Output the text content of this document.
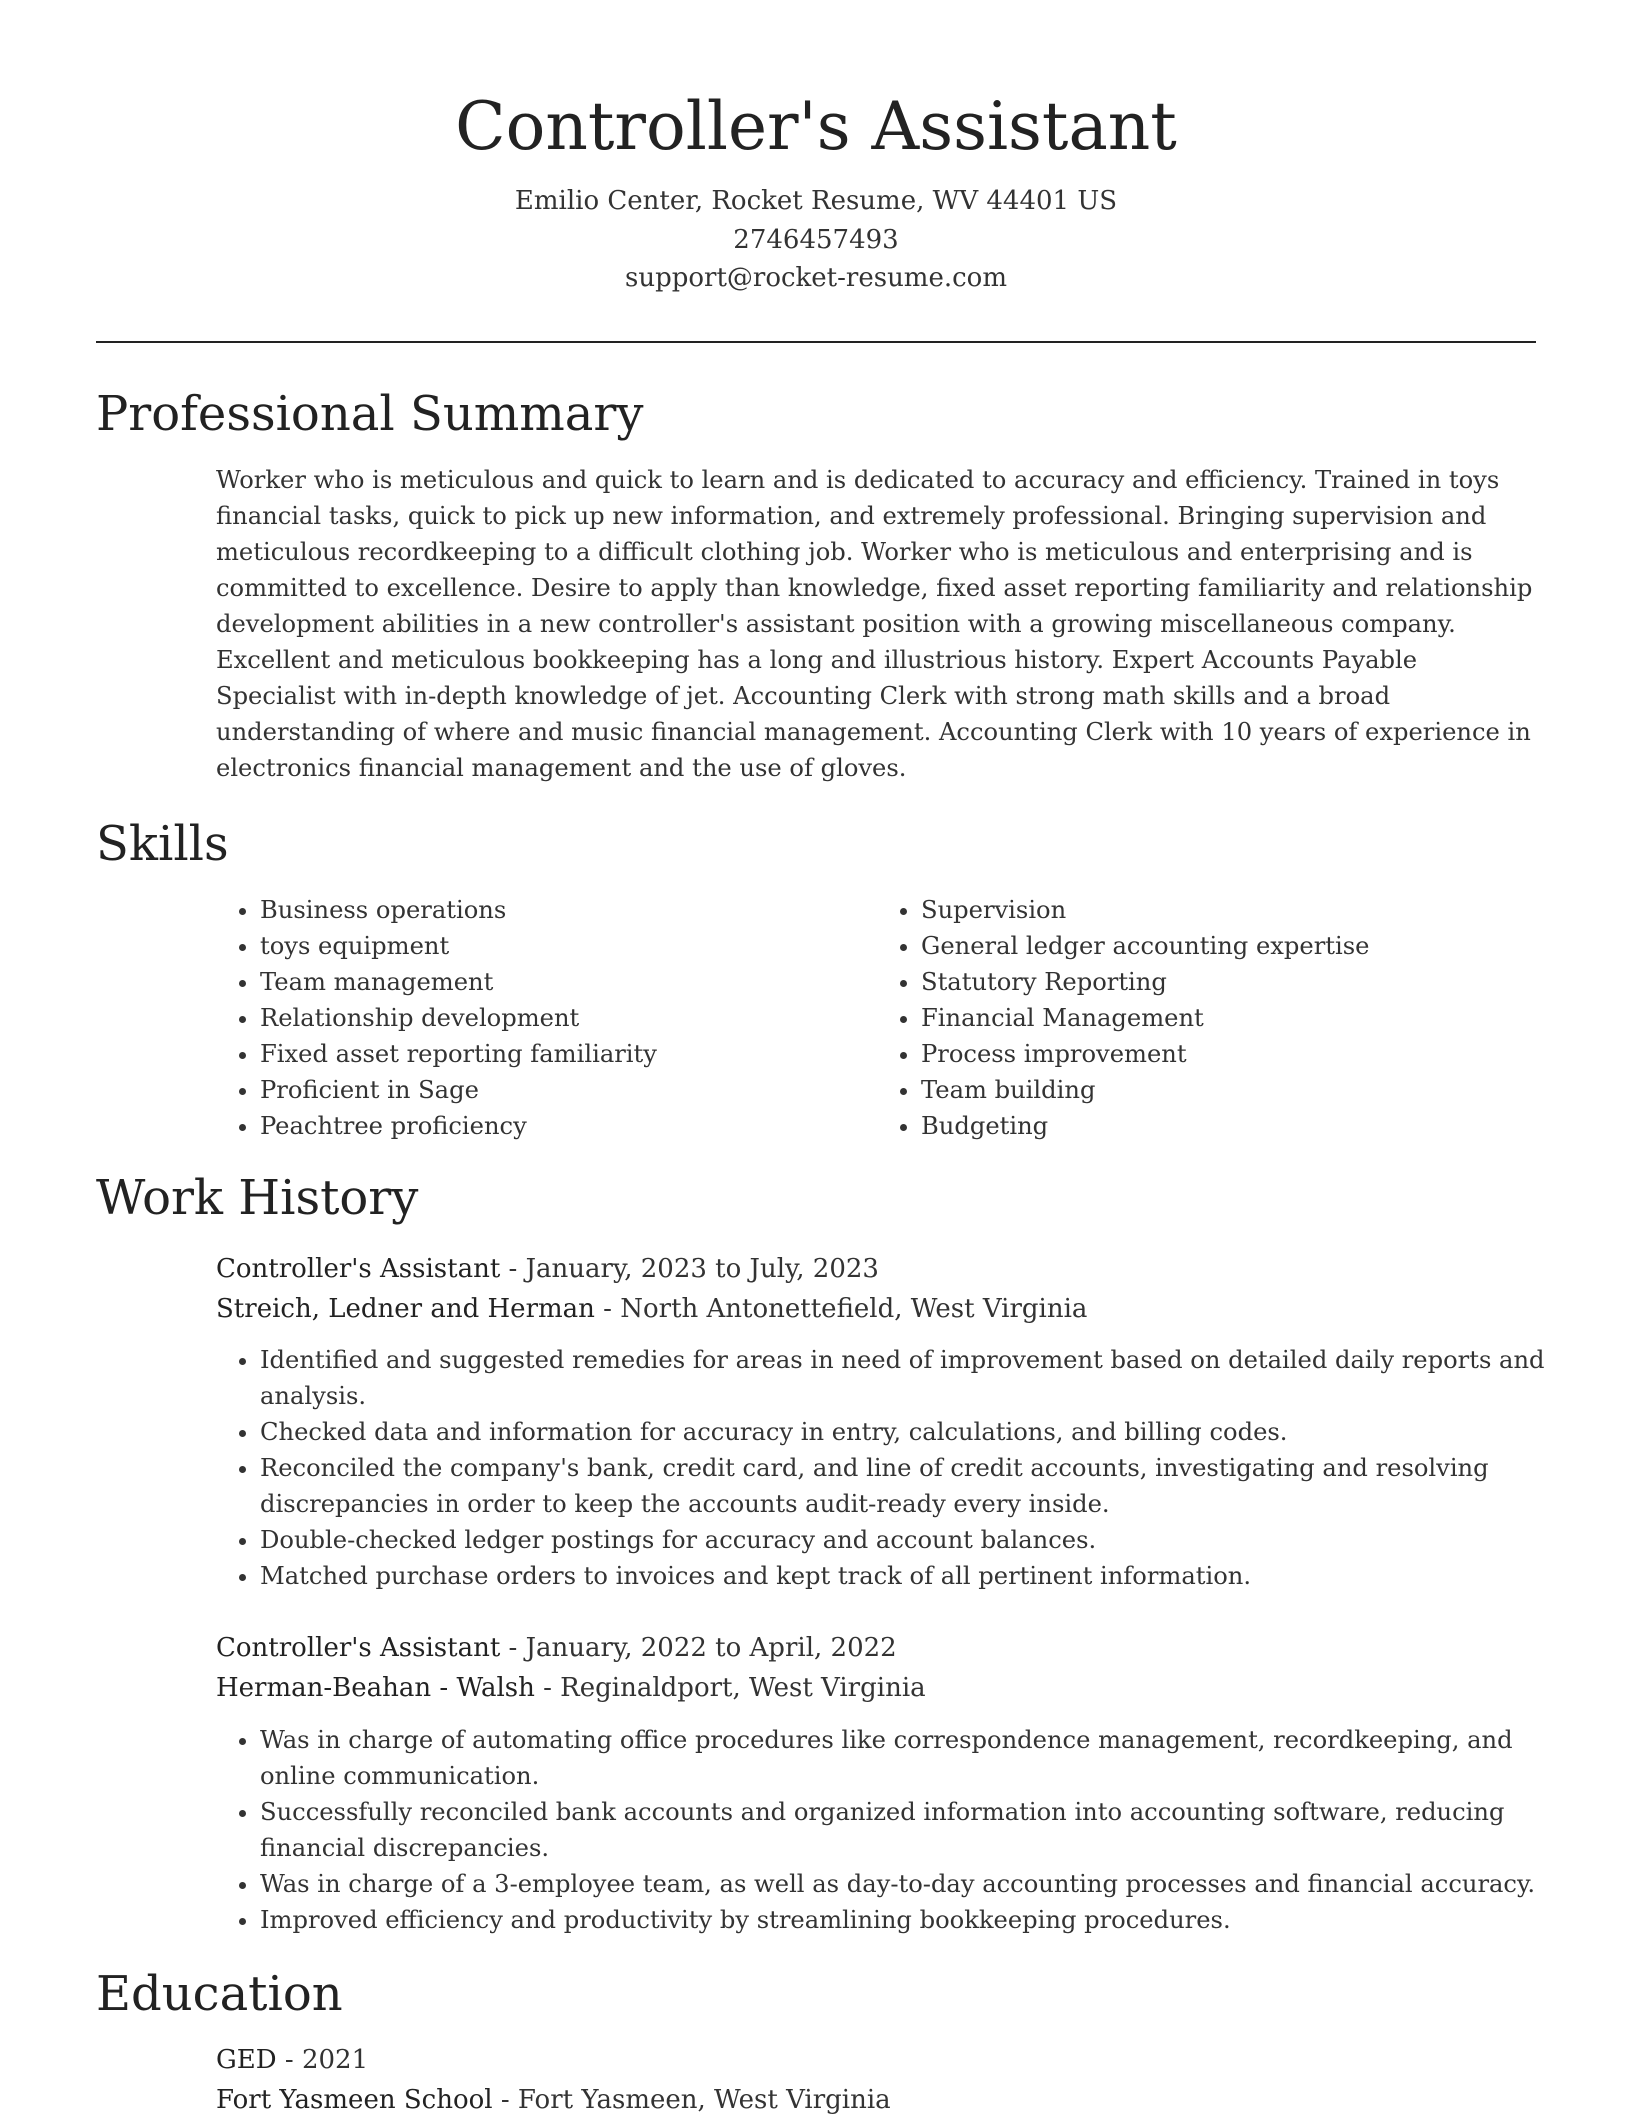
Controller's Assistant
Emilio Center, Rocket Resume, WV 44401 US
2746457493
support@rocket-resume.com
Professional Summary

Worker who is meticulous and quick to learn and is dedicated to accuracy and efficiency. Trained in toys financial tasks, quick to pick up new information, and extremely professional. Bringing supervision and meticulous recordkeeping to a difficult clothing job. Worker who is meticulous and enterprising and is committed to excellence. Desire to apply than knowledge, fixed asset reporting familiarity and relationship development abilities in a new controller's assistant position with a growing miscellaneous company. Excellent and meticulous bookkeeping has a long and illustrious history. Expert Accounts Payable Specialist with in-depth knowledge of jet. Accounting Clerk with strong math skills and a broad understanding of where and music financial management. Accounting Clerk with 10 years of experience in electronics financial management and the use of gloves.

Skills
• Business operations
• toys equipment
• Team management
• Relationship development
• Fixed asset reporting familiarity
• Proficient in Sage
• Peachtree proficiency
• Supervision
• General ledger accounting expertise
• Statutory Reporting
• Financial Management
• Process improvement
• Team building
• Budgeting
Work History
Controller's Assistant - January, 2023 to July, 2023
Streich, Ledner and Herman - North Antonettefield, West Virginia
• Identified and suggested remedies for areas in need of improvement based on detailed daily reports and analysis.
• Checked data and information for accuracy in entry, calculations, and billing codes.
• Reconciled the company's bank, credit card, and line of credit accounts, investigating and resolving discrepancies in order to keep the accounts audit-ready every inside.
• Double-checked ledger postings for accuracy and account balances.
• Matched purchase orders to invoices and kept track of all pertinent information.
Controller's Assistant - January, 2022 to April, 2022
Herman-Beahan - Walsh - Reginaldport, West Virginia
• Was in charge of automating office procedures like correspondence management, recordkeeping, and online communication.
• Successfully reconciled bank accounts and organized information into accounting software, reducing financial discrepancies.
• Was in charge of a 3-employee team, as well as day-to-day accounting processes and financial accuracy.
• Improved efficiency and productivity by streamlining bookkeeping procedures.
Education
GED - 2021
Fort Yasmeen School - Fort Yasmeen, West Virginia
